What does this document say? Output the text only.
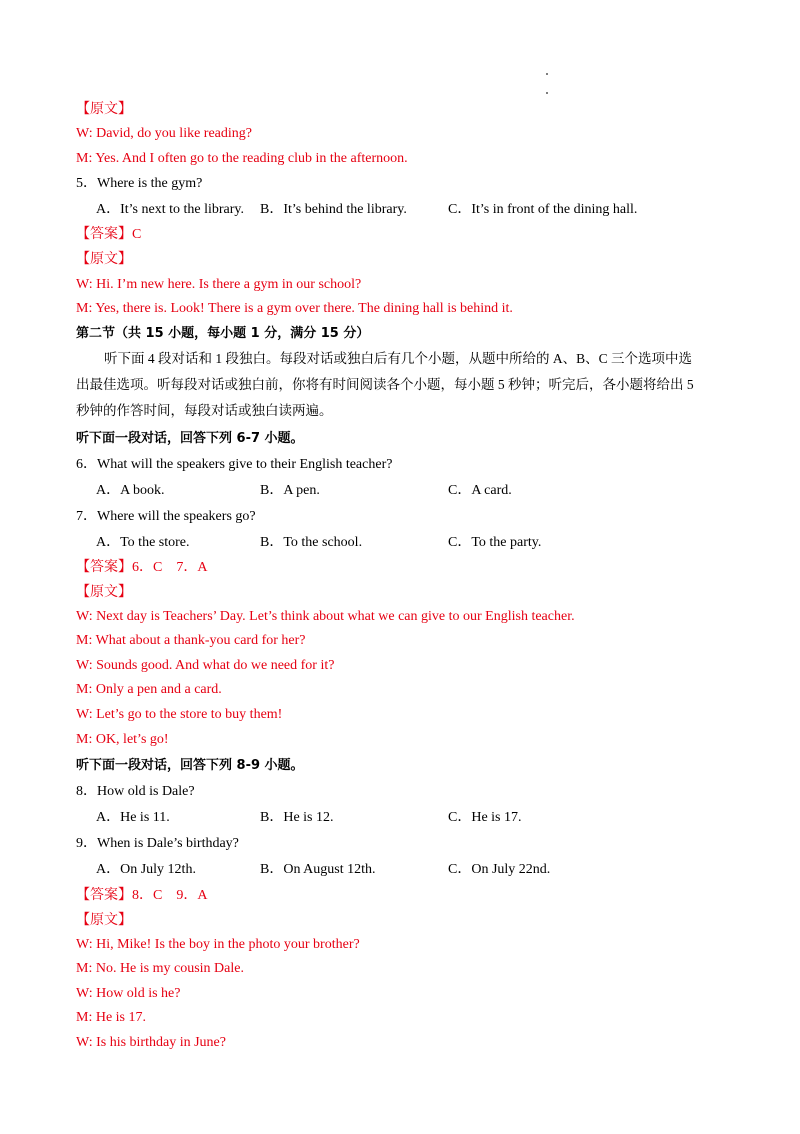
【原文】
W: David, do you like reading?
M: Yes. And I often go to the reading club in the afternoon.
5．Where is the gym?
A．It’s next to the library. B．It’s behind the library.	C．It’s in front of the dining hall.
【答案】C
【原文】
W: Hi. I’m new here. Is there a gym in our school?
M: Yes, there is. Look! There is a gym over there. The dining hall is behind it.
第二节（共 15 小题，每小题 1 分，满分 15 分）
听下面 4 段对话和 1 段独白。每段对话或独白后有几个小题，从题中所给的 A、B、C 三个选项中选
出最佳选项。听每段对话或独白前，你将有时间阅读各个小题，每小题 5 秒钟；听完后，各小题将给出 5
秒钟的作答时间，每段对话或独白读两遍。
听下面一段对话，回答下列 6-7 小题。
6．What will the speakers give to their English teacher?
A．A book.	B．A pen.	C．A card.
7．Where will the speakers go?
A．To the store.	B．To the school.	C．To the party.
【答案】6．C　7．A
【原文】
W: Next day is Teachers’ Day. Let’s think about what we can give to our English teacher.
M: What about a thank-you card for her?
W: Sounds good. And what do we need for it?
M: Only a pen and a card.
W: Let’s go to the store to buy them!
M: OK, let’s go!
听下面一段对话，回答下列 8-9 小题。
8．How old is Dale?
A．He is 11.	B．He is 12.	C．He is 17.
9．When is Dale’s birthday?
A．On July 12th.	B．On August 12th.	C．On July 22nd.
【答案】8．C　9．A
【原文】
W: Hi, Mike! Is the boy in the photo your brother?
M: No. He is my cousin Dale.
W: How old is he?
M: He is 17.
W: Is his birthday in June?
